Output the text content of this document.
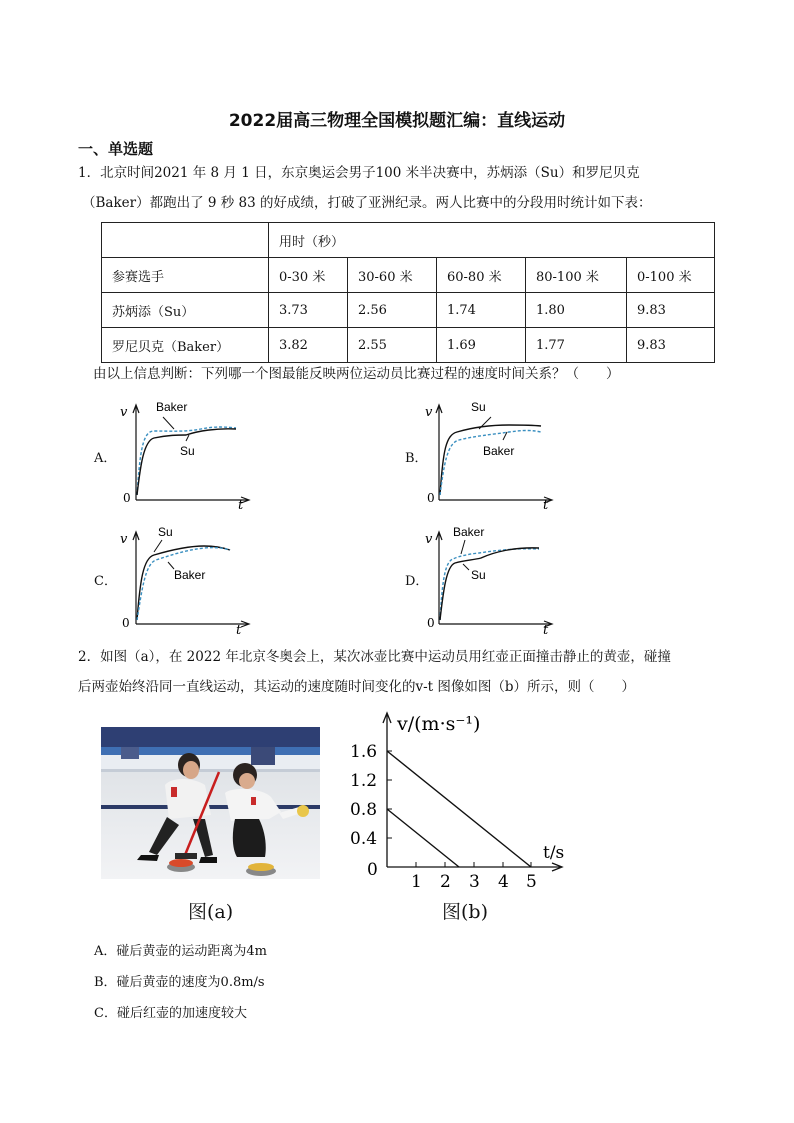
2022届高三物理全国模拟题汇编：直线运动
一、单选题
1．北京时间2021 年 8 月 1 日，东京奥运会男子100 米半决赛中，苏炳添（Su）和罗尼贝克
（Baker）都跑出了 9 秒 83 的好成绩，打破了亚洲纪录。两人比赛中的分段用时统计如下表：
	用时（秒）				
参赛选手	0-30 米	30-60 米	60-80 米	80-100 米	0-100 米
苏炳添（Su）	3.73	2.56	1.74	1.80	9.83
罗尼贝克（Baker）	3.82	2.55	1.69	1.77	9.83
由以上信息判断：下列哪一个图最能反映两位运动员比赛过程的速度时间关系？（　　）
A．
v
t
0
Baker
Su	B．
v
t
0
Su
Baker
C．
v
t
0
Su
Baker	D．
v
t
0
Baker
Su
2．如图（a），在 2022 年北京冬奥会上，某次冰壶比赛中运动员用红壶正面撞击静止的黄壶，碰撞
后两壶始终沿同一直线运动，其运动的速度随时间变化的v-t 图像如图（b）所示，则（　　）
图(a)
v/(m·s⁻¹)
t/s
1.6
1.2
0.8
0.4
0
1 2 3 4 5
图(b)
A．碰后黄壶的运动距离为4m
B．碰后黄壶的速度为0.8m/s
C．碰后红壶的加速度较大
